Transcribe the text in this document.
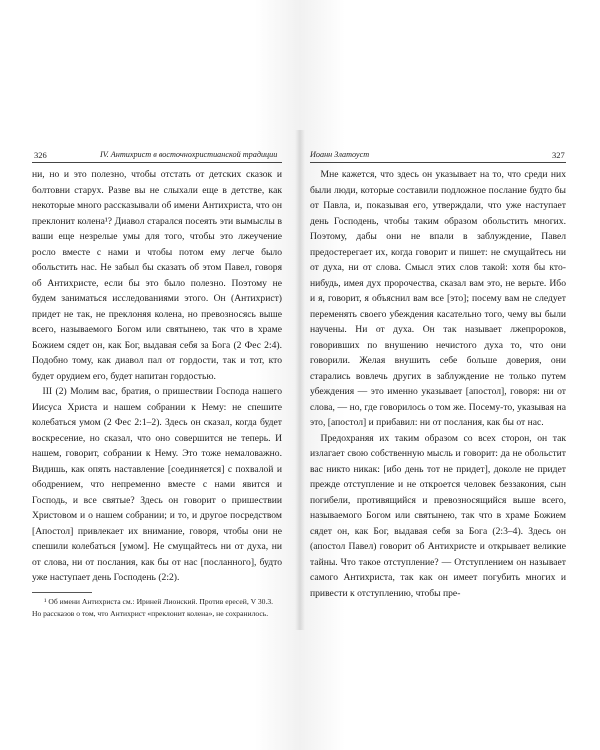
326	IV. Антихрист в восточнохристианской традиции

ни, но и это полезно, чтобы отстать от детских сказок и болтовни старух. Разве вы не слыхали еще в детстве, как некоторые много рассказывали об имени Антихриста, что он преклонит колена¹? Диавол старался посеять эти вымыслы в ваши еще незрелые умы для того, чтобы это лжеучение росло вместе с нами и чтобы потом ему легче было обольстить нас. Не забыл бы сказать об этом Павел, говоря об Антихристе, если бы это было полезно. Поэтому не будем заниматься исследованиями этого. Он (Антихрист) придет не так, не преклоняя колена, но превозносясь выше всего, называемого Богом или святынею, так что в храме Божием сядет он, как Бог, выдавая себя за Бога (2 Фес 2:4). Подобно тому, как диавол пал от гордости, так и тот, кто будет орудием его, будет напитан гордостью.

III (2) Молим вас, братия, о пришествии Господа нашего Иисуса Христа и нашем собрании к Нему: не спешите колебаться умом (2 Фес 2:1–2). Здесь он сказал, когда будет воскресение, но сказал, что оно совершится не теперь. И нашем, говорит, собрании к Нему. Это тоже немаловажно. Видишь, как опять наставление [соединяется] с похвалой и ободрением, что непременно вместе с нами явится и Господь, и все святые? Здесь он говорит о пришествии Христовом и о нашем собрании; и то, и другое посредством [Апостол] привлекает их внимание, говоря, чтобы они не спешили колебаться [умом]. Не смущайтесь ни от духа, ни от слова, ни от послания, как бы от нас [посланного], будто уже наступает день Господень (2:2).

¹ Об имени Антихриста см.: Ириней Лионский. Против ересей, V 30.3. Но рассказов о том, что Антихрист «преклонит колена», не сохранилось.

Иоанн Златоуст	327

Мне кажется, что здесь он указывает на то, что среди них были люди, которые составили подложное послание будто бы от Павла, и, показывая его, утверждали, что уже наступает день Господень, чтобы таким образом обольстить многих. Поэтому, дабы они не впали в заблуждение, Павел предостерегает их, когда говорит и пишет: не смущайтесь ни от духа, ни от слова. Смысл этих слов такой: хотя бы кто-нибудь, имея дух пророчества, сказал вам это, не верьте. Ибо и я, говорит, я объяснил вам все [это]; посему вам не следует переменять своего убеждения касательно того, чему вы были научены. Ни от духа. Он так называет лжепророков, говоривших по внушению нечистого духа то, что они говорили. Желая внушить себе больше доверия, они старались вовлечь других в заблуждение не только путем убеждения — это именно указывает [апостол], говоря: ни от слова, — но, где говорилось о том же. Посему-то, указывая на это, [апостол] и прибавил: ни от послания, как бы от нас.

Предохраняя их таким образом со всех сторон, он так излагает свою собственную мысль и говорит: да не обольстит вас никто никак: [ибо день тот не придет], доколе не придет прежде отступление и не откроется человек беззакония, сын погибели, противящийся и превозносящийся выше всего, называемого Богом или святынею, так что в храме Божием сядет он, как Бог, выдавая себя за Бога (2:3–4). Здесь он (апостол Павел) говорит об Антихристе и открывает великие тайны. Что такое отступление? — Отступлением он называет самого Антихриста, так как он имеет погубить многих и привести к отступлению, чтобы пре-
